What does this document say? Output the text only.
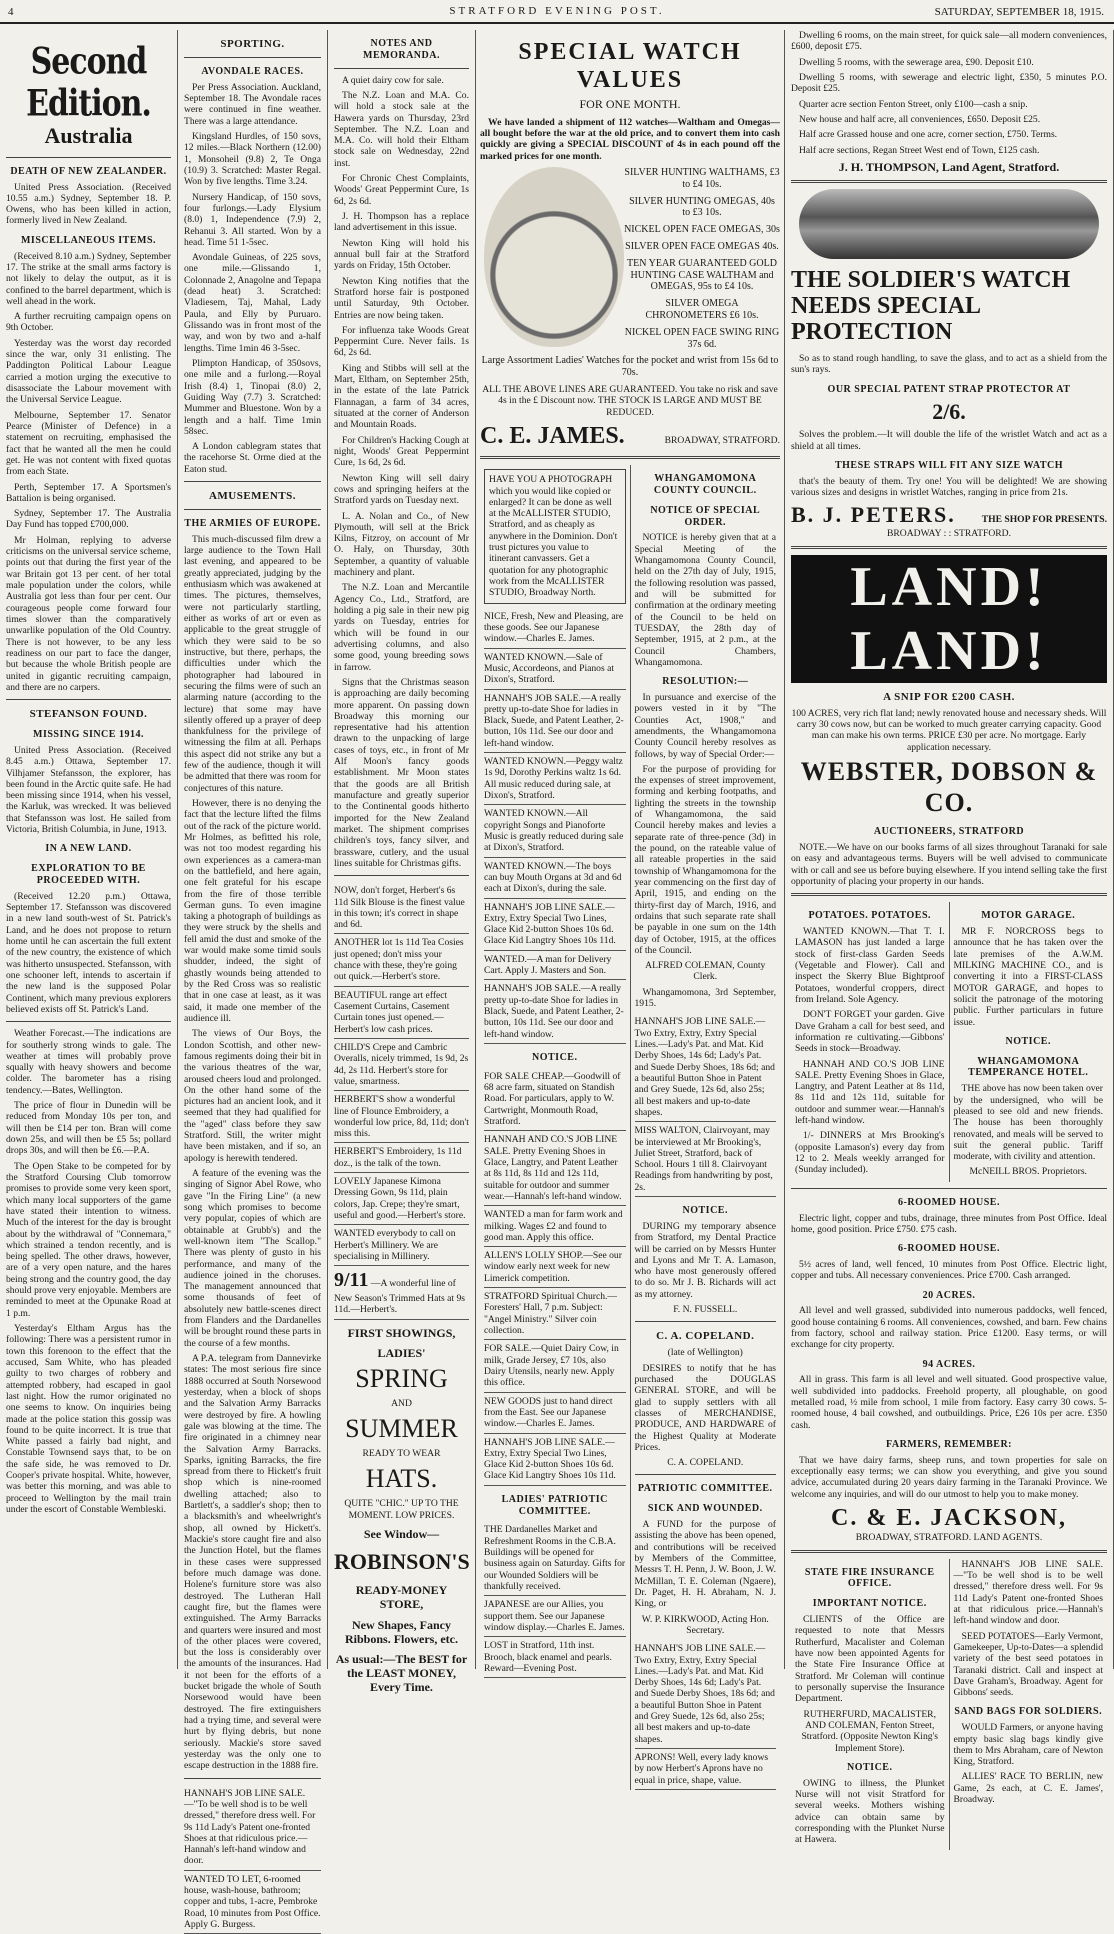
4	STRATFORD EVENING POST.	SATURDAY, SEPTEMBER 18, 1915.
Second Edition.
Australia
DEATH OF NEW ZEALANDER.

United Press Association. (Received 10.55 a.m.) Sydney, September 18. P. Owens, who has been killed in action, formerly lived in New Zealand.

MISCELLANEOUS ITEMS.

(Received 8.10 a.m.) Sydney, September 17. The strike at the small arms factory is not likely to delay the output, as it is confined to the barrel department, which is well ahead in the work.

A further recruiting campaign opens on 9th October.

Yesterday was the worst day recorded since the war, only 31 enlisting. The Paddington Political Labour League carried a motion urging the executive to disassociate the Labour movement with the Universal Service League.

Melbourne, September 17. Senator Pearce (Minister of Defence) in a statement on recruiting, emphasised the fact that he wanted all the men he could get. He was not content with fixed quotas from each State.

Perth, September 17. A Sportsmen's Battalion is being organised.

Sydney, September 17. The Australia Day Fund has topped £700,000.

Mr Holman, replying to adverse criticisms on the universal service scheme, points out that during the first year of the war Britain got 13 per cent. of her total male population under the colors, while Australia got less than four per cent. Our courageous people come forward four times slower than the comparatively unwarlike population of the Old Country. There is not however, to be any less readiness on our part to face the danger, but because the whole British people are united in gigantic recruiting campaign, and there are no carpers.

STEFANSON FOUND.
MISSING SINCE 1914.

United Press Association. (Received 8.45 a.m.) Ottawa, September 17. Vilhjamer Stefansson, the explorer, has been found in the Arctic quite safe. He had been missing since 1914, when his vessel, the Karluk, was wrecked. It was believed that Stefansson was lost. He sailed from Victoria, British Columbia, in June, 1913.

IN A NEW LAND.
EXPLORATION TO BE PROCEEDED WITH.

(Received 12.20 p.m.) Ottawa, September 17. Stefansson was discovered in a new land south-west of St. Patrick's Land, and he does not propose to return home until he can ascertain the full extent of the new country, the existence of which was hitherto unsuspected. Stefansson, with one schooner left, intends to ascertain if the new land is the supposed Polar Continent, which many previous explorers believed exists off St. Patrick's Land.

Weather Forecast.—The indications are for southerly strong winds to gale. The weather at times will probably prove squally with heavy showers and become colder. The barometer has a rising tendency.—Bates, Wellington.

The price of flour in Dunedin will be reduced from Monday 10s per ton, and will then be £14 per ton. Bran will come down 25s, and will then be £5 5s; pollard drops 30s, and will then be £6.—P.A.

The Open Stake to be competed for by the Stratford Coursing Club tomorrow promises to provide some very keen sport, which many local supporters of the game have stated their intention to witness. Much of the interest for the day is brought about by the withdrawal of "Connemara," which strained a tendon recently, and is being spelled. The other draws, however, are of a very open nature, and the hares being strong and the country good, the day should prove very enjoyable. Members are reminded to meet at the Opunake Road at 1 p.m.

Yesterday's Eltham Argus has the following: There was a persistent rumor in town this forenoon to the effect that the accused, Sam White, who has pleaded guilty to two charges of robbery and attempted robbery, had escaped in gaol last night. How the rumor originated no one seems to know. On inquiries being made at the police station this gossip was found to be quite incorrect. It is true that White passed a fairly bad night, and Constable Townsend says that, to be on the safe side, he was removed to Dr. Cooper's private hospital. White, however, was better this morning, and was able to proceed to Wellington by the mail train under the escort of Constable Wembleski.

SPORTING.
AVONDALE RACES.

Per Press Association. Auckland, September 18. The Avondale races were continued in fine weather. There was a large attendance.

Kingsland Hurdles, of 150 sovs, 12 miles.—Black Northern (12.00) 1, Monsoheil (9.8) 2, Te Onga (10.9) 3. Scratched: Master Regal. Won by five lengths. Time 3.24.

Nursery Handicap, of 150 sovs, four furlongs.—Lady Elysium (8.0) 1, Independence (7.9) 2, Rehanui 3. All started. Won by a head. Time 51 1-5sec.

Avondale Guineas, of 225 sovs, one mile.—Glissando 1, Colonnade 2, Anagolne and Tepapa (dead heat) 3. Scratched: Vladiesem, Taj, Mahal, Lady Paula, and Elly by Puruaro. Glissando was in front most of the way, and won by two and a-half lengths. Time 1min 46 3-5sec.

Plimpton Handicap, of 350sovs, one mile and a furlong.—Royal Irish (8.4) 1, Tinopai (8.0) 2, Guiding Way (7.7) 3. Scratched: Mummer and Bluestone. Won by a length and a half. Time 1min 58sec.

A London cablegram states that the racehorse St. Orme died at the Eaton stud.

AMUSEMENTS.
THE ARMIES OF EUROPE.

This much-discussed film drew a large audience to the Town Hall last evening, and appeared to be greatly appreciated, judging by the enthusiasm which was awakened at times. The pictures, themselves, were not particularly startling, either as works of art or even as applicable to the great struggle of which they were said to be so instructive, but there, perhaps, the difficulties under which the photographer had laboured in securing the films were of such an alarming nature (according to the lecture) that some may have silently offered up a prayer of deep thankfulness for the privilege of witnessing the film at all. Perhaps this aspect did not strike any but a few of the audience, though it will be admitted that there was room for conjectures of this nature.

However, there is no denying the fact that the lecture lifted the films out of the rack of the picture world. Mr Holmes, as befitted his role, was not too modest regarding his own experiences as a camera-man on the battlefield, and here again, one felt grateful for his escape from the fire of those terrible German guns. To even imagine taking a photograph of buildings as they were struck by the shells and fell amid the dust and smoke of the war would make some timid souls shudder, indeed, the sight of ghastly wounds being attended to by the Red Cross was so realistic that in one case at least, as it was said, it made one member of the audience ill.

The views of Our Boys, the London Scottish, and other new-famous regiments doing their bit in the various theatres of the war, aroused cheers loud and prolonged. On the other hand some of the pictures had an ancient look, and it seemed that they had qualified for the "aged" class before they saw Stratford. Still, the writer might have been mistaken, and if so, an apology is herewith tendered.

A feature of the evening was the singing of Signor Abel Rowe, who gave "In the Firing Line" (a new song which promises to become very popular, copies of which are obtainable at Grubb's) and the well-known item "The Scallop." There was plenty of gusto in his performance, and many of the audience joined in the choruses. The management announced that some thousands of feet of absolutely new battle-scenes direct from Flanders and the Dardanelles will be brought round these parts in the course of a few months.

A P.A. telegram from Dannevirke states: The most serious fire since 1888 occurred at South Norsewood yesterday, when a block of shops and the Salvation Army Barracks were destroyed by fire. A howling gale was blowing at the time. The fire originated in a chimney near the Salvation Army Barracks. Sparks, igniting Barracks, the fire spread from there to Hickett's fruit shop which is nine-roomed dwelling attached; also to Bartlett's, a saddler's shop; then to a blacksmith's and wheelwright's shop, all owned by Hickett's. Mackie's store caught fire and also the Junction Hotel, but the flames in these cases were suppressed before much damage was done. Holene's furniture store was also destroyed. The Lutheran Hall caught fire, but the flames were extinguished. The Army Barracks and quarters were insured and most of the other places were covered, but the loss is considerably over the amounts of the insurances. Had it not been for the efforts of a bucket brigade the whole of South Norsewood would have been destroyed. The fire extinguishers had a trying time, and several were hurt by flying debris, but none seriously. Mackie's store saved yesterday was the only one to escape destruction in the 1888 fire.

HANNAH'S JOB LINE SALE.—"To be well shod is to be well dressed," therefore dress well. For 9s 11d Lady's Patent one-fronted Shoes at that ridiculous price.—Hannah's left-hand window and door.
WANTED TO LET, 6-roomed house, wash-house, bathroom; copper and tubs, 1-acre, Pembroke Road, 10 minutes from Post Office. Apply G. Burgess.
NOTES AND MEMORANDA.

A quiet dairy cow for sale.

The N.Z. Loan and M.A. Co. will hold a stock sale at the Hawera yards on Thursday, 23rd September. The N.Z. Loan and M.A. Co. will hold their Eltham stock sale on Wednesday, 22nd inst.

For Chronic Chest Complaints, Woods' Great Peppermint Cure, 1s 6d, 2s 6d.

J. H. Thompson has a replace land advertisement in this issue.

Newton King will hold his annual bull fair at the Stratford yards on Friday, 15th October.

Newton King notifies that the Stratford horse fair is postponed until Saturday, 9th October. Entries are now being taken.

For influenza take Woods Great Peppermint Cure. Never fails. 1s 6d, 2s 6d.

King and Stibbs will sell at the Mart, Eltham, on September 25th, in the estate of the late Patrick Flannagan, a farm of 34 acres, situated at the corner of Anderson and Mountain Roads.

For Children's Hacking Cough at night, Woods' Great Peppermint Cure, 1s 6d, 2s 6d.

Newton King will sell dairy cows and springing heifers at the Stratford yards on Tuesday next.

L. A. Nolan and Co., of New Plymouth, will sell at the Brick Kilns, Fitzroy, on account of Mr O. Haly, on Thursday, 30th September, a quantity of valuable machinery and plant.

The N.Z. Loan and Mercantile Agency Co., Ltd., Stratford, are holding a pig sale in their new pig yards on Tuesday, entries for which will be found in our advertising columns, and also some good, young breeding sows in farrow.

Signs that the Christmas season is approaching are daily becoming more apparent. On passing down Broadway this morning our representative had his attention drawn to the unpacking of large cases of toys, etc., in front of Mr Alf Moon's fancy goods establishment. Mr Moon states that the goods are all British manufacture and greatly superior to the Continental goods hitherto imported for the New Zealand market. The shipment comprises children's toys, fancy silver, and brassware, cutlery, and the usual lines suitable for Christmas gifts.

NOW, don't forget, Herbert's 6s 11d Silk Blouse is the finest value in this town; it's correct in shape and 6d.
ANOTHER lot 1s 11d Tea Cosies just opened; don't miss your chance with these, they're going out quick.—Herbert's store.
BEAUTIFUL range art effect Casement Curtains, Casement Curtain tones just opened.—Herbert's low cash prices.
CHILD'S Crepe and Cambric Overalls, nicely trimmed, 1s 9d, 2s 4d, 2s 11d. Herbert's store for value, smartness.
HERBERT'S show a wonderful line of Flounce Embroidery, a wonderful low price, 8d, 11d; don't miss this.
HERBERT'S Embroidery, 1s 11d doz., is the talk of the town.
LOVELY Japanese Kimona Dressing Gown, 9s 11d, plain colors, Jap. Crepe; they're smart, useful and good.—Herbert's store.
WANTED everybody to call on Herbert's Millinery. We are specialising in Millinery.
9/11 —A wonderful line of New Season's Trimmed Hats at 9s 11d.—Herbert's.
FIRST SHOWINGS,
LADIES'
SPRING
AND
SUMMER
READY TO WEAR
HATS.
QUITE "CHIC." UP TO THE MOMENT. LOW PRICES.
See Window—
ROBINSON'S
READY-MONEY STORE,
New Shapes, Fancy Ribbons. Flowers, etc.
As usual:—The BEST for the LEAST MONEY, Every Time.
SPECIAL WATCH VALUES
FOR ONE MONTH.

We have landed a shipment of 112 watches—Waltham and Omegas—all bought before the war at the old price, and to convert them into cash quickly are giving a SPECIAL DISCOUNT of 4s in each pound off the marked prices for one month.

SILVER HUNTING WALTHAMS, £3 to £4 10s.
SILVER HUNTING OMEGAS, 40s to £3 10s.
NICKEL OPEN FACE OMEGAS, 30s
SILVER OPEN FACE OMEGAS 40s.
TEN YEAR GUARANTEED GOLD HUNTING CASE WALTHAM and OMEGAS, 95s to £4 10s.
SILVER OMEGA CHRONOMETERS £6 10s.
NICKEL OPEN FACE SWING RING 37s 6d.
Large Assortment Ladies' Watches for the pocket and wrist from 15s 6d to 70s.

ALL THE ABOVE LINES ARE GUARANTEED. You take no risk and save 4s in the £ Discount now. THE STOCK IS LARGE AND MUST BE REDUCED.

C. E. JAMES.	BROADWAY, STRATFORD.
HAVE YOU A PHOTOGRAPH which you would like copied or enlarged? It can be done as well at the McALLISTER STUDIO, Stratford, and as cheaply as anywhere in the Dominion. Don't trust pictures you value to itinerant canvassers. Get a quotation for any photographic work from the McALLISTER STUDIO, Broadway North.
NICE, Fresh, New and Pleasing, are these goods. See our Japanese window.—Charles E. James.
WANTED KNOWN.—Sale of Music, Accordeons, and Pianos at Dixon's, Stratford.
HANNAH'S JOB SALE.—A really pretty up-to-date Shoe for ladies in Black, Suede, and Patent Leather, 2-button, 10s 11d. See our door and left-hand window.
WANTED KNOWN.—Peggy waltz 1s 9d, Dorothy Perkins waltz 1s 6d. All music reduced during sale, at Dixon's, Stratford.
WANTED KNOWN.—All copyright Songs and Pianoforte Music is greatly reduced during sale at Dixon's, Stratford.
WANTED KNOWN.—The boys can buy Mouth Organs at 3d and 6d each at Dixon's, during the sale.
HANNAH'S JOB LINE SALE.—Extry, Extry Special Two Lines, Glace Kid 2-button Shoes 10s 6d. Glace Kid Langtry Shoes 10s 11d.
WANTED.—A man for Delivery Cart. Apply J. Masters and Son.
HANNAH'S JOB SALE.—A really pretty up-to-date Shoe for ladies in Black, Suede, and Patent Leather, 2-button, 10s 11d. See our door and left-hand window.
NOTICE.
FOR SALE CHEAP.—Goodwill of 68 acre farm, situated on Standish Road. For particulars, apply to W. Cartwright, Monmouth Road, Stratford.
HANNAH AND CO.'S JOB LINE SALE. Pretty Evening Shoes in Glace, Langtry, and Patent Leather at 8s 11d, 8s 11d and 12s 11d, suitable for outdoor and summer wear.—Hannah's left-hand window.
WANTED a man for farm work and milking. Wages £2 and found to good man. Apply this office.
ALLEN'S LOLLY SHOP.—See our window early next week for new Limerick competition.
STRATFORD Spiritual Church.—Foresters' Hall, 7 p.m. Subject: "Angel Ministry." Silver coin collection.
FOR SALE.—Quiet Dairy Cow, in milk, Grade Jersey, £7 10s, also Dairy Utensils, nearly new. Apply this office.
NEW GOODS just to hand direct from the East. See our Japanese window.—Charles E. James.
HANNAH'S JOB LINE SALE.—Extry, Extry Special Two Lines, Glace Kid 2-button Shoes 10s 6d. Glace Kid Langtry Shoes 10s 11d.
LADIES' PATRIOTIC COMMITTEE.
THE Dardanelles Market and Refreshment Rooms in the C.B.A. Buildings will be opened for business again on Saturday. Gifts for our Wounded Soldiers will be thankfully received.
JAPANESE are our Allies, you support them. See our Japanese window display.—Charles E. James.
LOST in Stratford, 11th inst. Brooch, black enamel and pearls. Reward—Evening Post.
WHANGAMOMONA COUNTY COUNCIL.
NOTICE OF SPECIAL ORDER.

NOTICE is hereby given that at a Special Meeting of the Whangamomona County Council, held on the 27th day of July, 1915, the following resolution was passed, and will be submitted for confirmation at the ordinary meeting of the Council to be held on TUESDAY, the 28th day of September, 1915, at 2 p.m., at the Council Chambers, Whangamomona.

RESOLUTION:—

In pursuance and exercise of the powers vested in it by "The Counties Act, 1908," and amendments, the Whangamomona County Council hereby resolves as follows, by way of Special Order:—

For the purpose of providing for the expenses of street improvement, forming and kerbing footpaths, and lighting the streets in the township of Whangamomona, the said Council hereby makes and levies a separate rate of three-pence (3d) in the pound, on the rateable value of all rateable properties in the said township of Whangamomona for the year commencing on the first day of April, 1915, and ending on the thirty-first day of March, 1916, and ordains that such separate rate shall be payable in one sum on the 14th day of October, 1915, at the offices of the Council.

ALFRED COLEMAN, County Clerk.

Whangamomona, 3rd September, 1915.

HANNAH'S JOB LINE SALE.—Two Extry, Extry, Extry Special Lines.—Lady's Pat. and Mat. Kid Derby Shoes, 14s 6d; Lady's Pat. and Suede Derby Shoes, 18s 6d; and a beautiful Button Shoe in Patent and Grey Suede, 12s 6d, also 25s; all best makers and up-to-date shapes.
MISS WALTON, Clairvoyant, may be interviewed at Mr Brooking's, Juliet Street, Stratford, back of School. Hours 1 till 8. Clairvoyant Readings from handwriting by post, 2s.
NOTICE.

DURING my temporary absence from Stratford, my Dental Practice will be carried on by Messrs Hunter and Lyons and Mr T. A. Lamason, who have most generously offered to do so. Mr J. B. Richards will act as my attorney.

F. N. FUSSELL.

C. A. COPELAND.

(late of Wellington)

DESIRES to notify that he has purchased the DOUGLAS GENERAL STORE, and will be glad to supply settlers with all classes of MERCHANDISE, PRODUCE, AND HARDWARE of the Highest Quality at Moderate Prices.

C. A. COPELAND.

PATRIOTIC COMMITTEE.
SICK AND WOUNDED.

A FUND for the purpose of assisting the above has been opened, and contributions will be received by Members of the Committee, Messrs T. H. Penn, J. W. Boon, J. W. McMillan, T. E. Coleman (Ngaere), Dr. Paget, H. H. Abraham, N. J. King, or

W. P. KIRKWOOD, Acting Hon. Secretary.

HANNAH'S JOB LINE SALE.—Two Extry, Extry, Extry Special Lines.—Lady's Pat. and Mat. Kid Derby Shoes, 14s 6d; Lady's Pat. and Suede Derby Shoes, 18s 6d; and a beautiful Button Shoe in Patent and Grey Suede, 12s 6d, also 25s; all best makers and up-to-date shapes.
APRONS! Well, every lady knows by now Herbert's Aprons have no equal in price, shape, value.

Dwelling 6 rooms, on the main street, for quick sale—all modern conveniences, £600, deposit £75.

Dwelling 5 rooms, with the sewerage area, £90. Deposit £10.

Dwelling 5 rooms, with sewerage and electric light, £350, 5 minutes P.O. Deposit £25.

Quarter acre section Fenton Street, only £100—cash a snip.

New house and half acre, all conveniences, £650. Deposit £25.

Half acre Grassed house and one acre, corner section, £750. Terms.

Half acre sections, Regan Street West end of Town, £125 cash.

J. H. THOMPSON, Land Agent, Stratford.
THE SOLDIER'S WATCH NEEDS SPECIAL PROTECTION

So as to stand rough handling, to save the glass, and to act as a shield from the sun's rays.

OUR SPECIAL PATENT STRAP PROTECTOR AT
2/6.

Solves the problem.—It will double the life of the wristlet Watch and act as a shield at all times.

THESE STRAPS WILL FIT ANY SIZE WATCH

that's the beauty of them. Try one! You will be delighted! We are showing various sizes and designs in wristlet Watches, ranging in price from 21s.

B. J. PETERS.	THE SHOP FOR PRESENTS.

BROADWAY : : STRATFORD.

LAND! LAND!
A SNIP FOR £200 CASH.

100 ACRES, very rich flat land; newly renovated house and necessary sheds. Will carry 30 cows now, but can be worked to much greater carrying capacity. Good man can make his own terms. PRICE £30 per acre. No mortgage. Early application necessary.

WEBSTER, DOBSON & CO.
AUCTIONEERS, STRATFORD

NOTE.—We have on our books farms of all sizes throughout Taranaki for sale on easy and advantageous terms. Buyers will be well advised to communicate with or call and see us before buying elsewhere. If you intend selling take the first opportunity of placing your property in our hands.

POTATOES. POTATOES.

WANTED KNOWN.—That T. I. LAMASON has just landed a large stock of first-class Garden Seeds (Vegetable and Flower). Call and inspect the Skerry Blue Bightproof Potatoes, wonderful croppers, direct from Ireland. Sole Agency.

DON'T FORGET your garden. Give Dave Graham a call for best seed, and information re cultivating.—Gibbons' Seeds in stock—Broadway.

HANNAH AND CO.'S JOB LINE SALE. Pretty Evening Shoes in Glace, Langtry, and Patent Leather at 8s 11d, 8s 11d and 12s 11d, suitable for outdoor and summer wear.—Hannah's left-hand window.

1/- DINNERS at Mrs Brooking's (opposite Lamason's) every day from 12 to 2. Meals weekly arranged for (Sunday included).

MOTOR GARAGE.

MR F. NORCROSS begs to announce that he has taken over the late premises of the A.W.M. MILKING MACHINE CO., and is converting it into a FIRST-CLASS MOTOR GARAGE, and hopes to solicit the patronage of the motoring public. Further particulars in future issue.

NOTICE.
WHANGAMOMONA TEMPERANCE HOTEL.

THE above has now been taken over by the undersigned, who will be pleased to see old and new friends. The house has been thoroughly renovated, and meals will be served to suit the general public. Tariff moderate, with civility and attention.

McNEILL BROS. Proprietors.

6-ROOMED HOUSE.

Electric light, copper and tubs, drainage, three minutes from Post Office. Ideal home, good position. Price £750. £75 cash.

6-ROOMED HOUSE.

5½ acres of land, well fenced, 10 minutes from Post Office. Electric light, copper and tubs. All necessary conveniences. Price £700. Cash arranged.

20 ACRES.

All level and well grassed, subdivided into numerous paddocks, well fenced, good house containing 6 rooms. All conveniences, cowshed, and barn. Few chains from factory, school and railway station. Price £1200. Easy terms, or will exchange for city property.

94 ACRES.

All in grass. This farm is all level and well situated. Good prospective value, well subdivided into paddocks. Freehold property, all ploughable, on good metalled road, ½ mile from school, 1 mile from factory. Easy carry 30 cows. 5-roomed house, 4 bail cowshed, and outbuildings. Price, £26 10s per acre. £350 cash.

FARMERS, REMEMBER:

That we have dairy farms, sheep runs, and town properties for sale on exceptionally easy terms; we can show you everything, and give you sound advice, accumulated during 20 years dairy farming in the Taranaki Province. We welcome any inquiries, and will do our utmost to help you to make money.

C. & E. JACKSON,

BROADWAY, STRATFORD. LAND AGENTS.

STATE FIRE INSURANCE OFFICE.
IMPORTANT NOTICE.

CLIENTS of the Office are requested to note that Messrs Rutherfurd, Macalister and Coleman have now been appointed Agents for the State Fire Insurance Office at Stratford. Mr Coleman will continue to personally supervise the Insurance Department.

RUTHERFURD, MACALISTER, AND COLEMAN, Fenton Street, Stratford. (Opposite Newton King's Implement Store).

NOTICE.

OWING to illness, the Plunket Nurse will not visit Stratford for several weeks. Mothers wishing advice can obtain same by corresponding with the Plunket Nurse at Hawera.

HANNAH'S JOB LINE SALE.—"To be well shod is to be well dressed," therefore dress well. For 9s 11d Lady's Patent one-fronted Shoes at that ridiculous price.—Hannah's left-hand window and door.

SEED POTATOES—Early Vermont, Gamekeeper, Up-to-Dates—a splendid variety of the best seed potatoes in Taranaki district. Call and inspect at Dave Graham's, Broadway. Agent for Gibbons' seeds.

SAND BAGS FOR SOLDIERS.

WOULD Farmers, or anyone having empty basic slag bags kindly give them to Mrs Abraham, care of Newton King, Stratford.

ALLIES' RACE TO BERLIN, new Game, 2s each, at C. E. James', Broadway.
